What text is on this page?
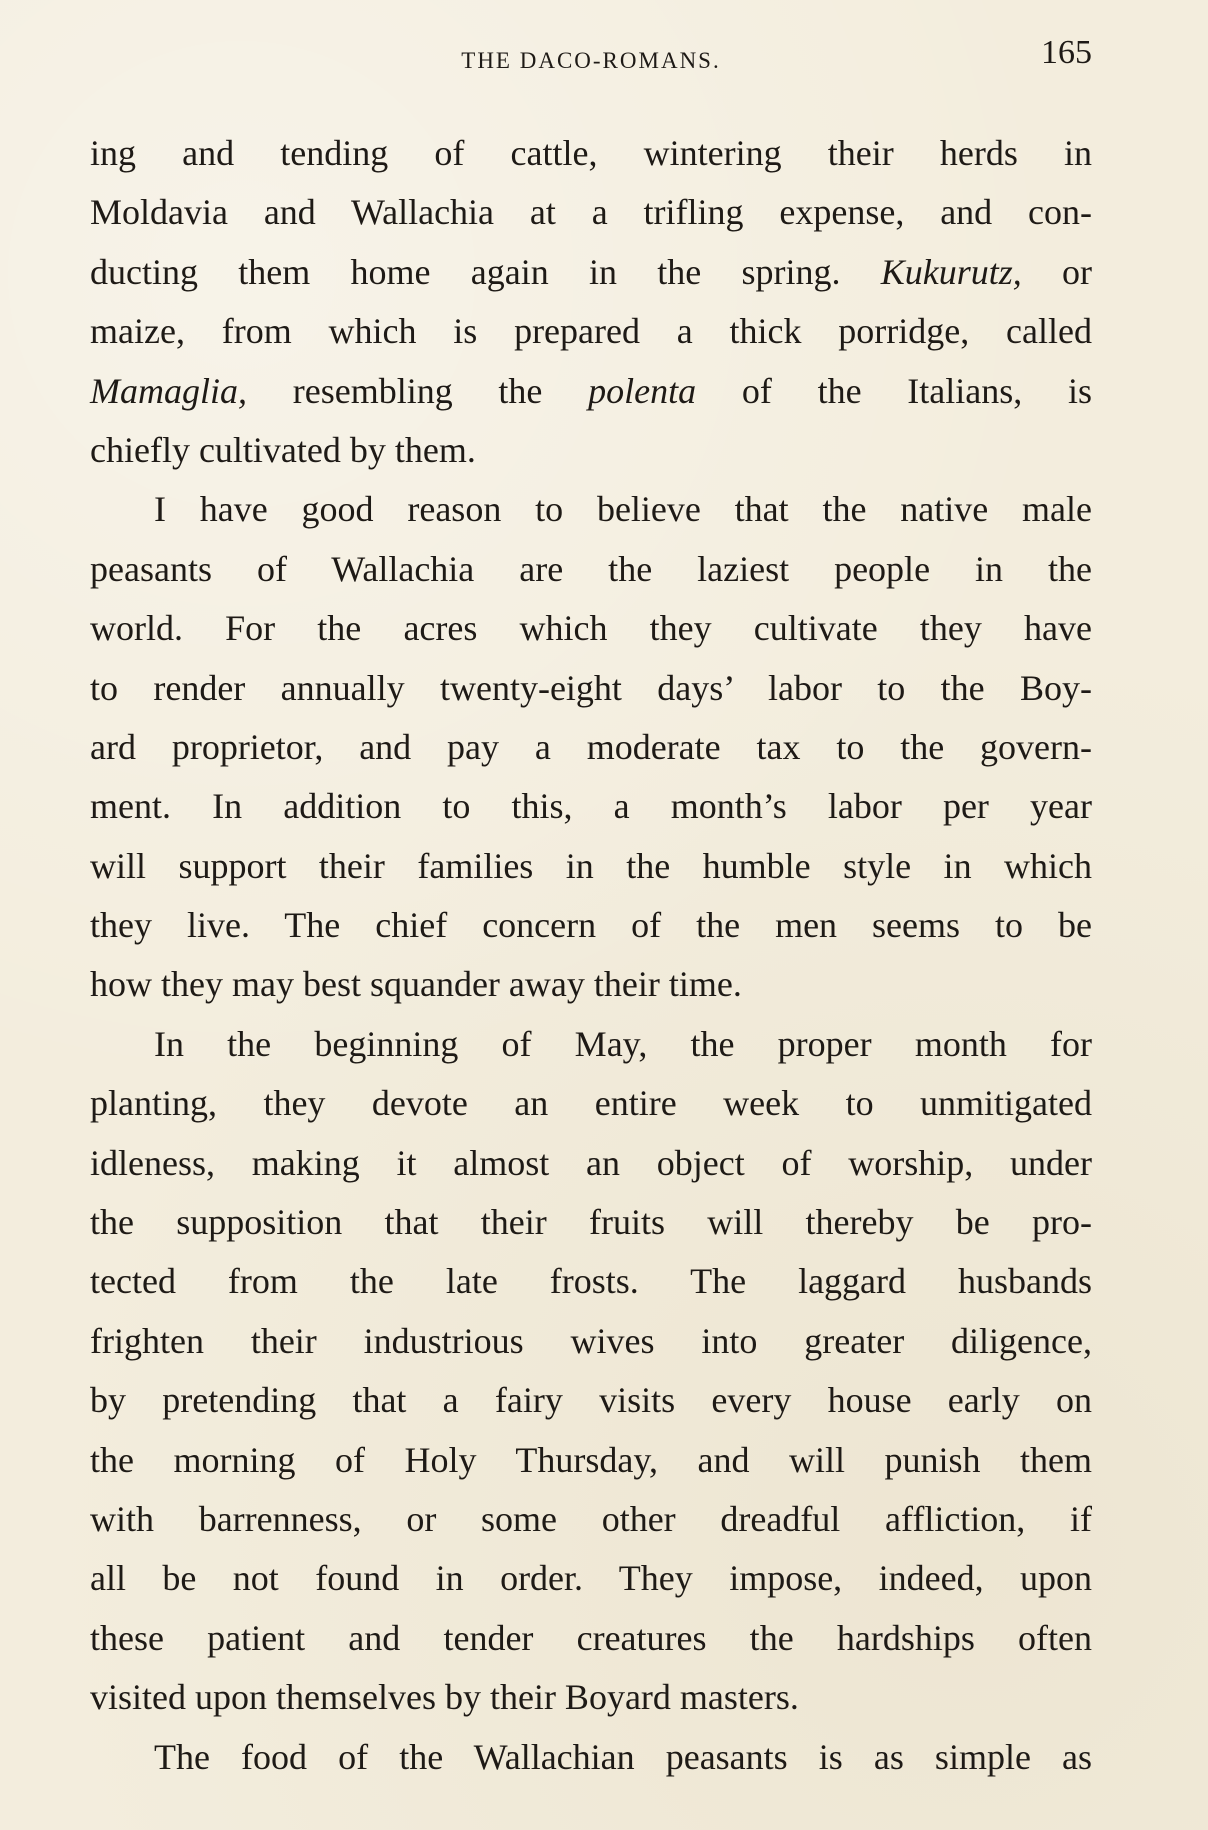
THE DACO-ROMANS.	165
ing and tending of cattle, wintering their herds in
Moldavia and Wallachia at a trifling expense, and con-
ducting them home again in the spring. Kukurutz, or
maize, from which is prepared a thick porridge, called
Mamaglia, resembling the polenta of the Italians, is
chiefly cultivated by them.
I have good reason to believe that the native male
peasants of Wallachia are the laziest people in the
world. For the acres which they cultivate they have
to render annually twenty-eight days’ labor to the Boy-
ard proprietor, and pay a moderate tax to the govern-
ment. In addition to this, a month’s labor per year
will support their families in the humble style in which
they live. The chief concern of the men seems to be
how they may best squander away their time.
In the beginning of May, the proper month for
planting, they devote an entire week to unmitigated
idleness, making it almost an object of worship, under
the supposition that their fruits will thereby be pro-
tected from the late frosts. The laggard husbands
frighten their industrious wives into greater diligence,
by pretending that a fairy visits every house early on
the morning of Holy Thursday, and will punish them
with barrenness, or some other dreadful affliction, if
all be not found in order. They impose, indeed, upon
these patient and tender creatures the hardships often
visited upon themselves by their Boyard masters.
The food of the Wallachian peasants is as simple as
